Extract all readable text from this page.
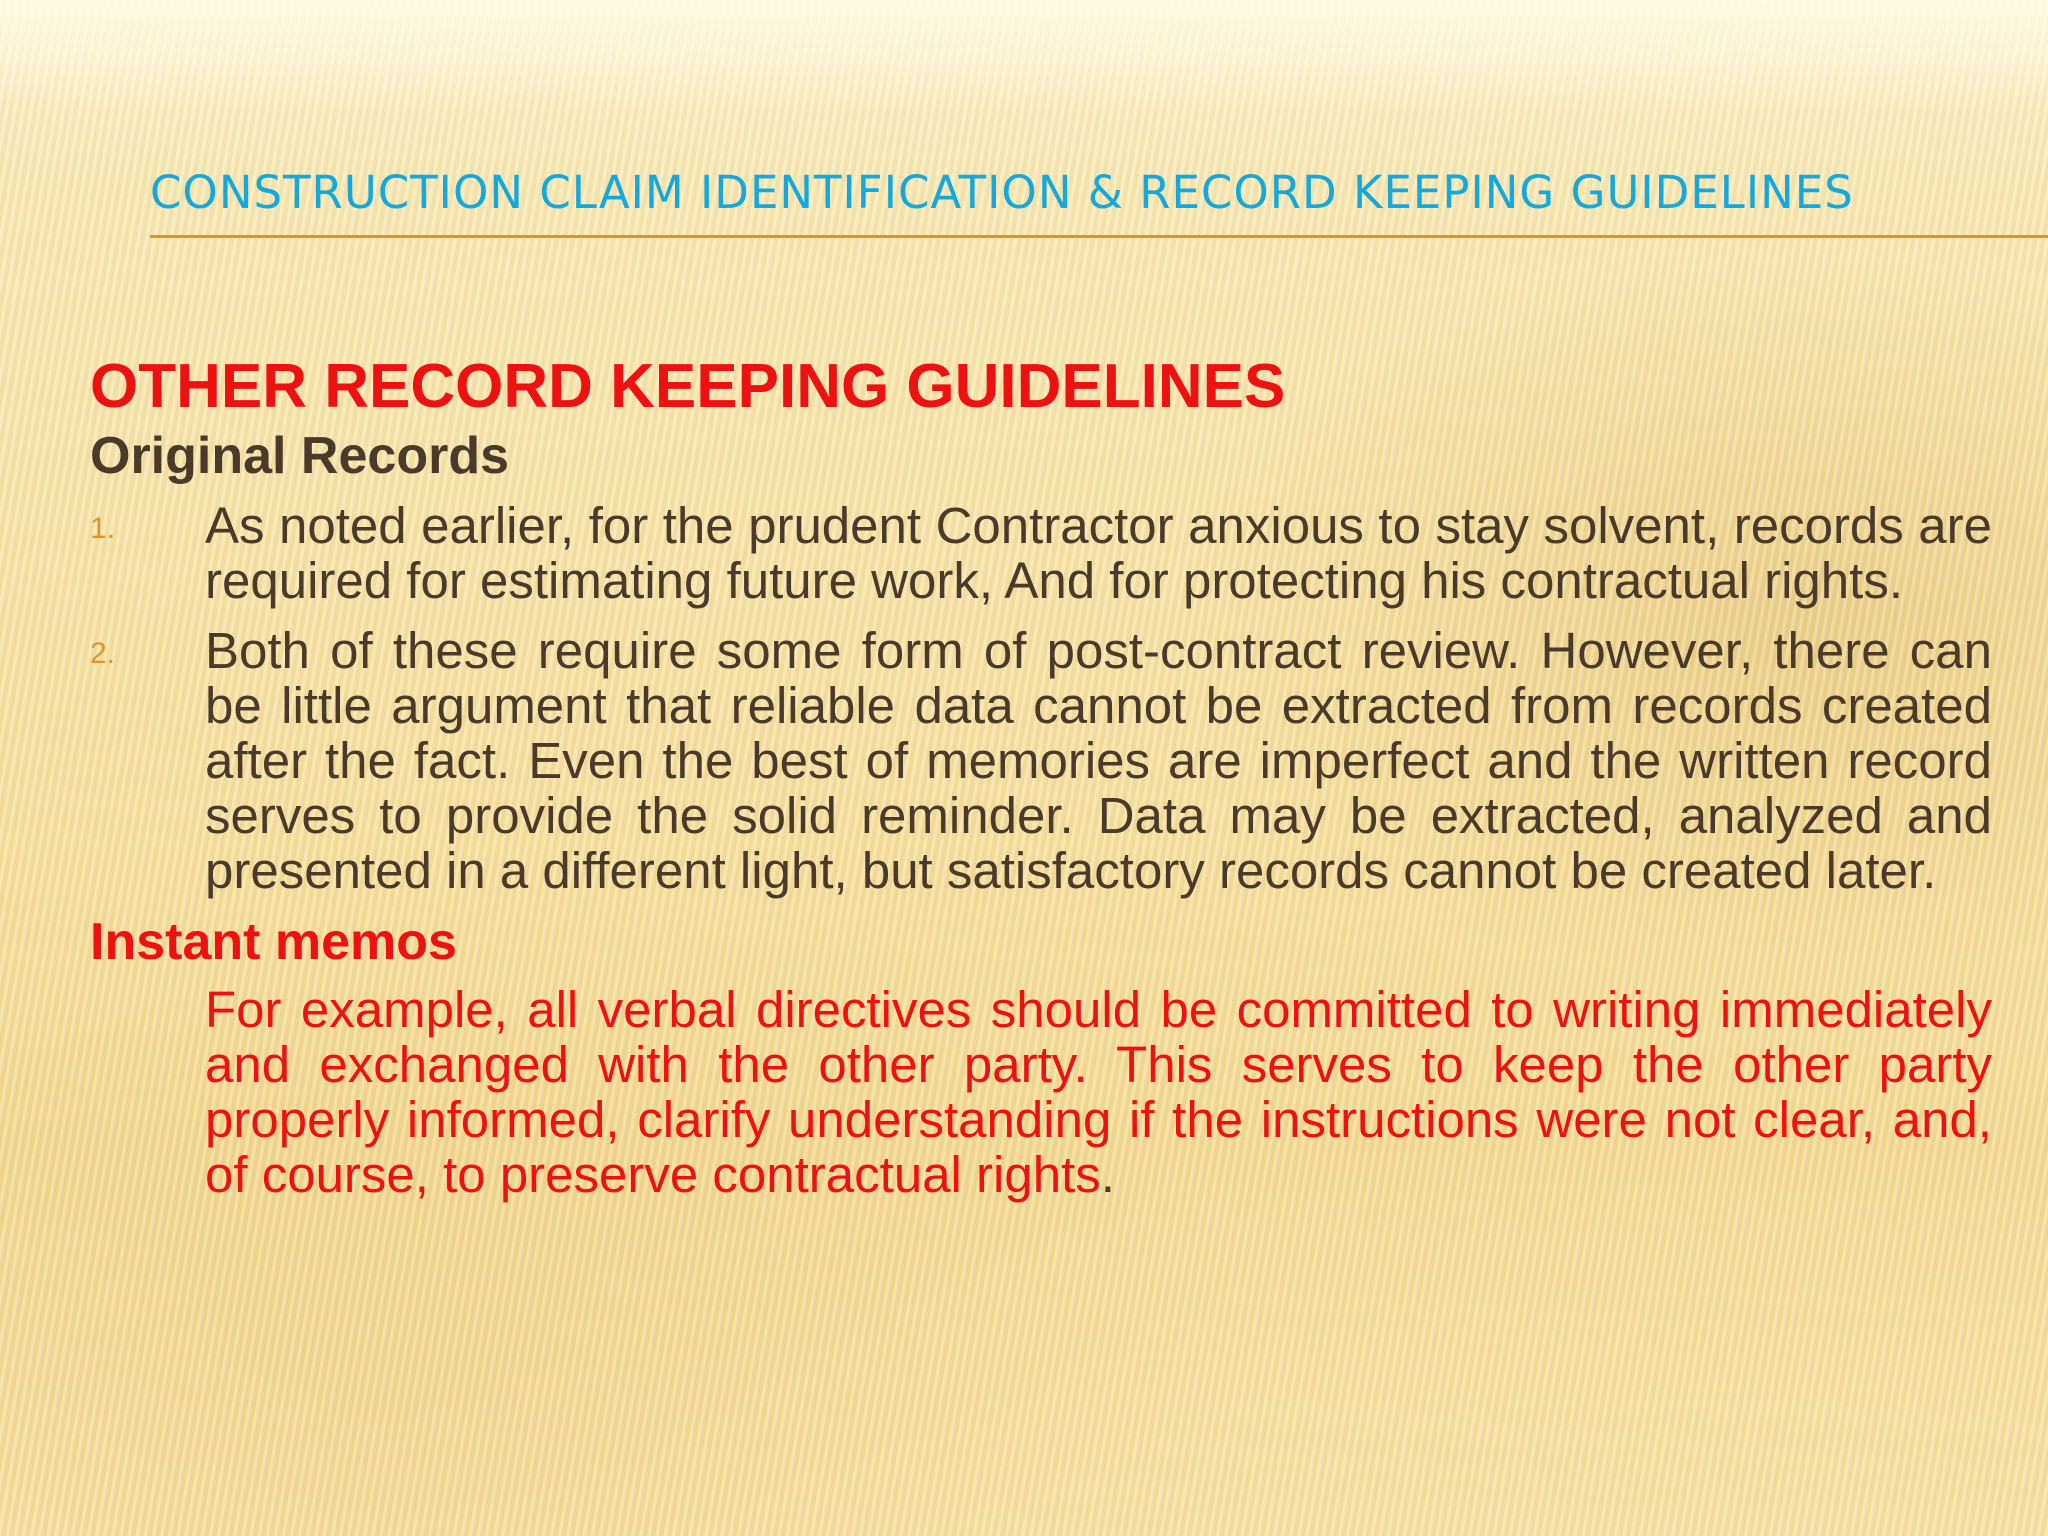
CONSTRUCTION CLAIM IDENTIFICATION & RECORD KEEPING GUIDELINES
OTHER RECORD KEEPING GUIDELINES
Original Records
1. As noted earlier, for the prudent Contractor anxious to stay solvent, records are required for estimating future work, And for protecting his contractual rights.
2. Both of these require some form of post-contract review. However, there can be little argument that reliable data cannot be extracted from records created after the fact. Even the best of memories are imperfect and the written record serves to provide the solid reminder. Data may be extracted, analyzed and presented in a different light, but satisfactory records cannot be created later.
Instant memos
For example, all verbal directives should be committed to writing immediately and exchanged with the other party. This serves to keep the other party properly informed, clarify understanding if the instructions were not clear, and, of course, to preserve contractual rights.
